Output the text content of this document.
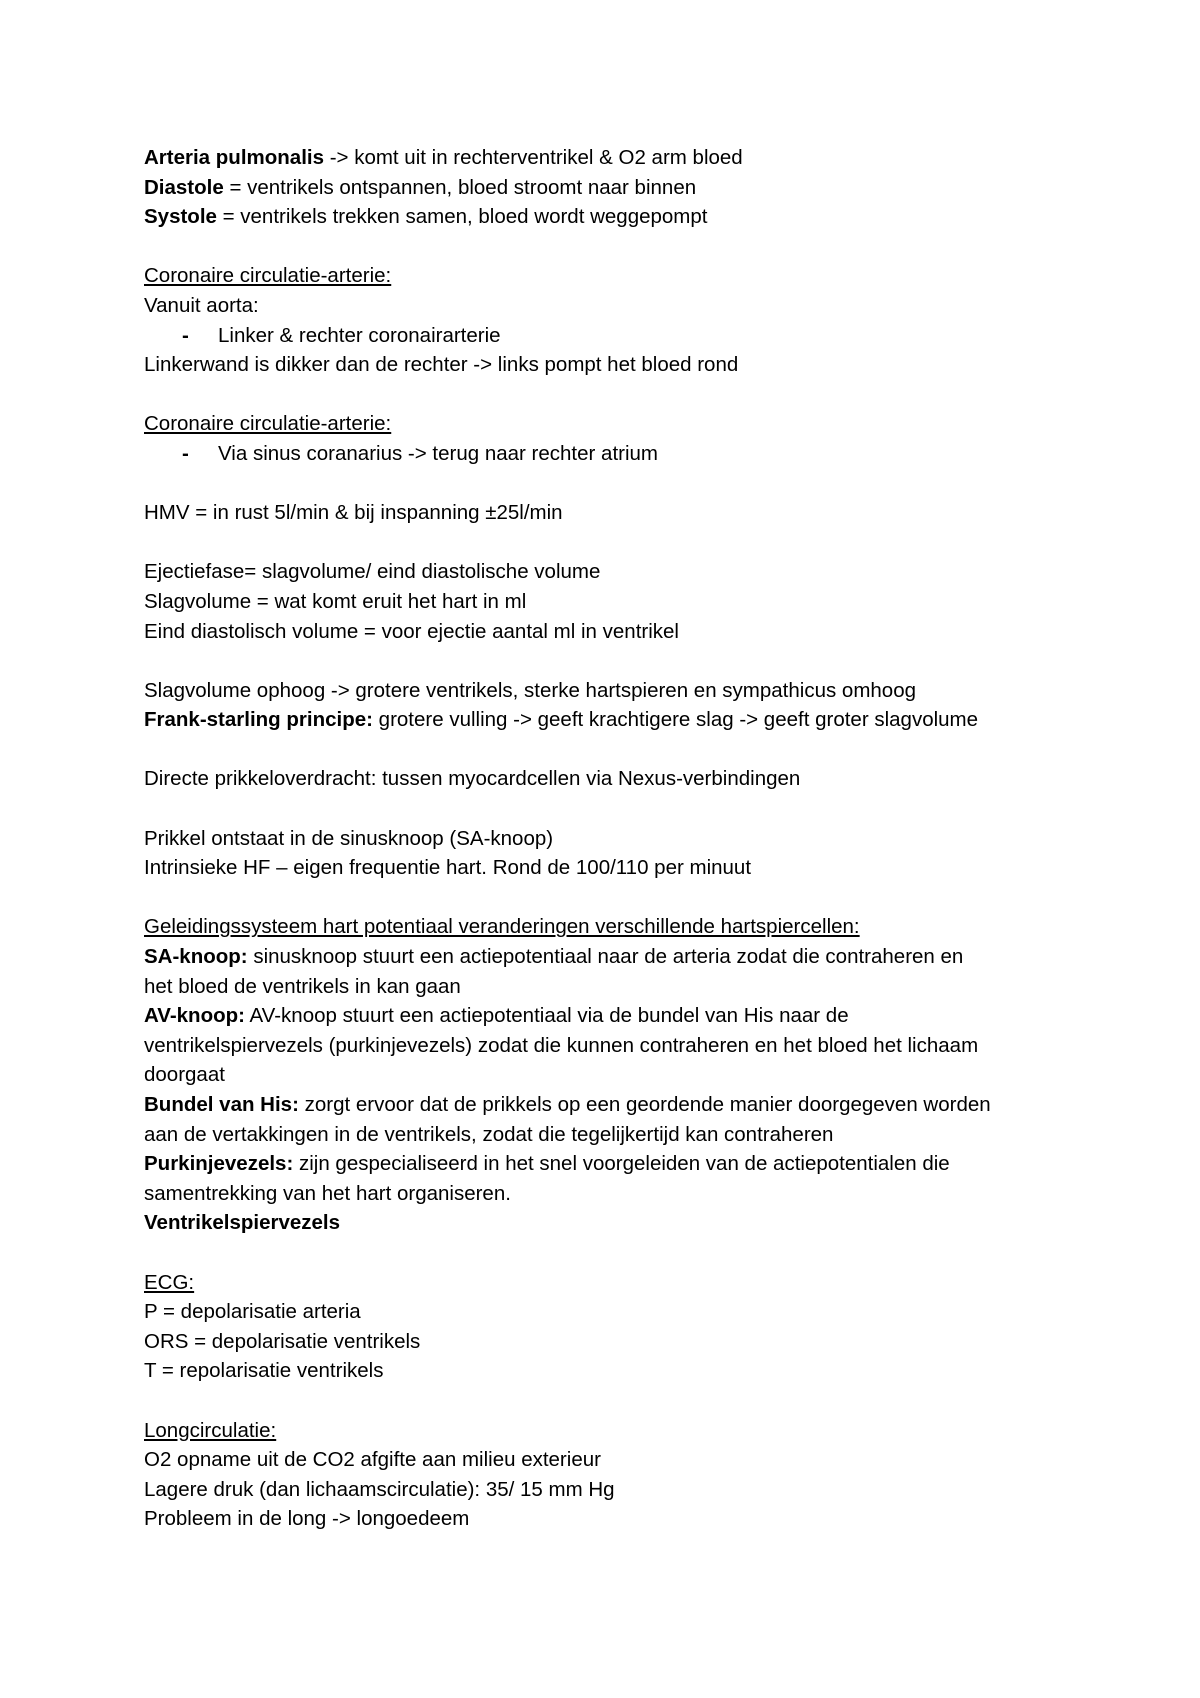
Arteria pulmonalis -> komt uit in rechterventrikel & O2 arm bloed
Diastole = ventrikels ontspannen, bloed stroomt naar binnen
Systole = ventrikels trekken samen, bloed wordt weggepompt
Coronaire circulatie-arterie:
Vanuit aorta:
-	Linker & rechter coronairarterie
Linkerwand is dikker dan de rechter -> links pompt het bloed rond
Coronaire circulatie-arterie:
-	Via sinus coranarius -> terug naar rechter atrium
HMV = in rust 5l/min & bij inspanning ±25l/min
Ejectiefase= slagvolume/ eind diastolische volume
Slagvolume = wat komt eruit het hart in ml
Eind diastolisch volume = voor ejectie aantal ml in ventrikel
Slagvolume ophoog -> grotere ventrikels, sterke hartspieren en sympathicus omhoog
Frank-starling principe: grotere vulling -> geeft krachtigere slag -> geeft groter slagvolume
Directe prikkeloverdracht: tussen myocardcellen via Nexus-verbindingen
Prikkel ontstaat in de sinusknoop (SA-knoop)
Intrinsieke HF – eigen frequentie hart. Rond de 100/110 per minuut
Geleidingssysteem hart potentiaal veranderingen verschillende hartspiercellen:
SA-knoop: sinusknoop stuurt een actiepotentiaal naar de arteria zodat die contraheren en
het bloed de ventrikels in kan gaan
AV-knoop: AV-knoop stuurt een actiepotentiaal via de bundel van His naar de
ventrikelspiervezels (purkinjevezels) zodat die kunnen contraheren en het bloed het lichaam
doorgaat
Bundel van His: zorgt ervoor dat de prikkels op een geordende manier doorgegeven worden
aan de vertakkingen in de ventrikels, zodat die tegelijkertijd kan contraheren
Purkinjevezels: zijn gespecialiseerd in het snel voorgeleiden van de actiepotentialen die
samentrekking van het hart organiseren.
Ventrikelspiervezels
ECG:
P = depolarisatie arteria
ORS = depolarisatie ventrikels
T = repolarisatie ventrikels
Longcirculatie:
O2 opname uit de CO2 afgifte aan milieu exterieur
Lagere druk (dan lichaamscirculatie): 35/ 15 mm Hg
Probleem in de long -> longoedeem
